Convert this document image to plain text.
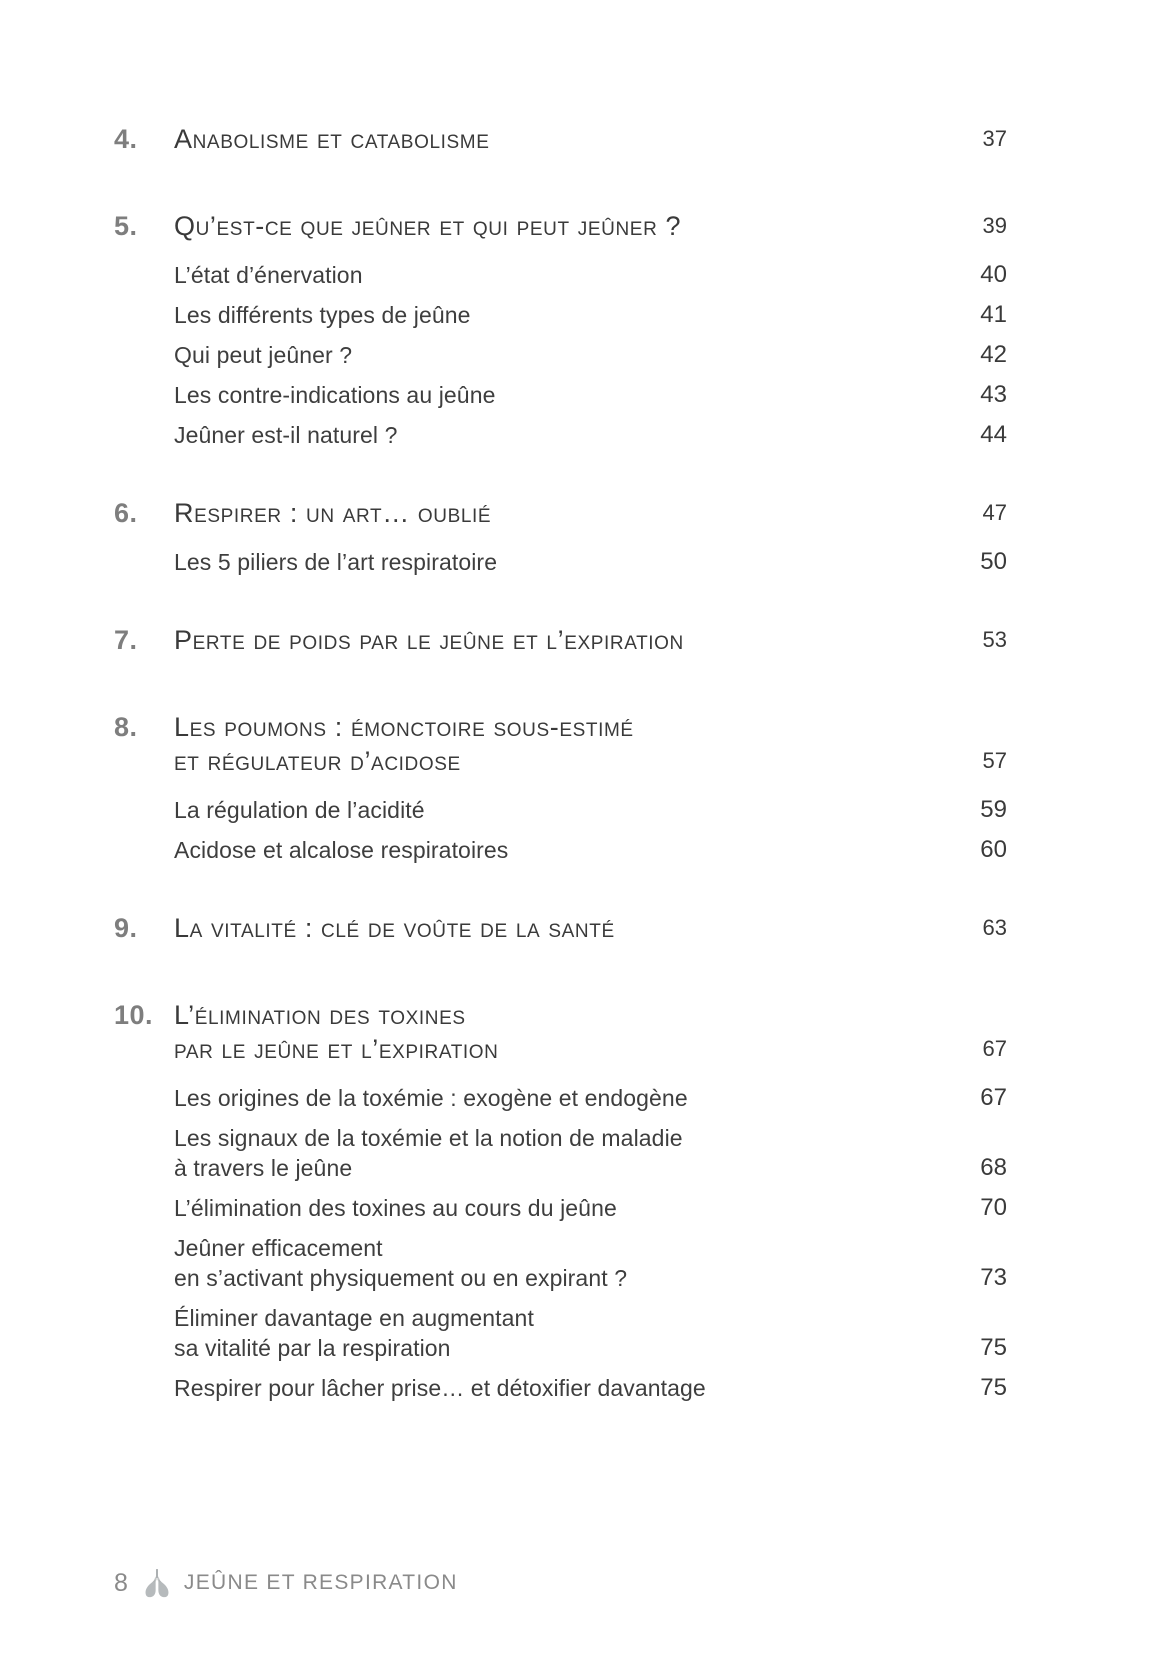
4.	Anabolisme et catabolisme	37
5.	Qu’est-ce que jeûner et qui peut jeûner ?	39
L’état d’énervation	40
Les différents types de jeûne	41
Qui peut jeûner ?	42
Les contre-indications au jeûne	43
Jeûner est-il naturel ?	44
6.	Respirer : un art… oublié	47
Les 5 piliers de l’art respiratoire	50
7.	Perte de poids par le jeûne et l’expiration	53
8.	Les poumons : émonctoire sous-estimé
et régulateur d’acidose	57
La régulation de l’acidité	59
Acidose et alcalose respiratoires	60
9.	La vitalité : clé de voûte de la santé	63
10. L’élimination des toxines
par le jeûne et l’expiration	67
Les origines de la toxémie : exogène et endogène	67
Les signaux de la toxémie et la notion de maladie
à travers le jeûne	68
L’élimination des toxines au cours du jeûne	70
Jeûner efficacement
en s’activant physiquement ou en expirant ?	73
Éliminer davantage en augmentant
sa vitalité par la respiration	75
Respirer pour lâcher prise… et détoxifier davantage	75
8	JEÛNE ET RESPIRATION
